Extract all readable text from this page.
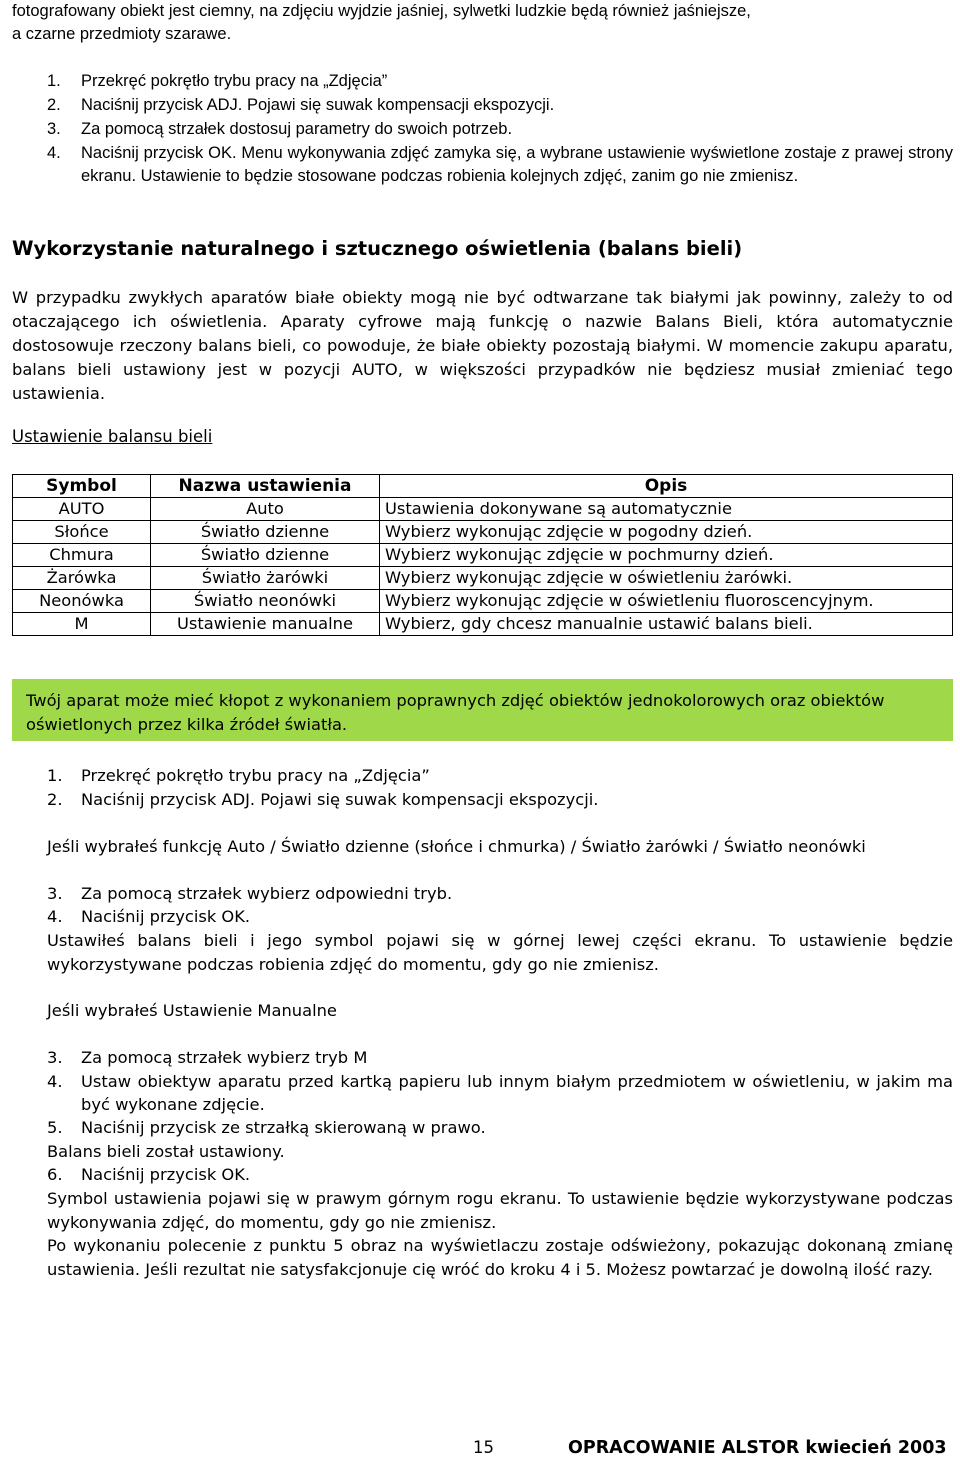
fotografowany obiekt jest ciemny, na zdjęciu wyjdzie jaśniej, sylwetki ludzkie będą również jaśniejsze,
a czarne przedmioty szarawe.
1. Przekręć pokrętło trybu pracy na „Zdjęcia”
2. Naciśnij przycisk ADJ. Pojawi się suwak kompensacji ekspozycji.
3. Za pomocą strzałek dostosuj parametry do swoich potrzeb.
4. Naciśnij przycisk OK. Menu wykonywania zdjęć zamyka się, a wybrane ustawienie wyświetlone zostaje z prawej strony ekranu. Ustawienie to będzie stosowane podczas robienia kolejnych zdjęć, zanim go nie zmienisz.
Wykorzystanie naturalnego i sztucznego oświetlenia (balans bieli)
W przypadku zwykłych aparatów białe obiekty mogą nie być odtwarzane tak białymi jak powinny, zależy to od otaczającego ich oświetlenia. Aparaty cyfrowe mają funkcję o nazwie Balans Bieli, która automatycznie dostosowuje rzeczony balans bieli, co powoduje, że białe obiekty pozostają białymi. W momencie zakupu aparatu, balans bieli ustawiony jest w pozycji AUTO, w większości przypadków nie będziesz musiał zmieniać tego ustawienia.
Ustawienie balansu bieli
Symbol	Nazwa ustawienia	Opis
AUTO	Auto	Ustawienia dokonywane są automatycznie
Słońce	Światło dzienne	Wybierz wykonując zdjęcie w pogodny dzień.
Chmura	Światło dzienne	Wybierz wykonując zdjęcie w pochmurny dzień.
Żarówka	Światło żarówki	Wybierz wykonując zdjęcie w oświetleniu żarówki.
Neonówka	Światło neonówki	Wybierz wykonując zdjęcie w oświetleniu fluoroscencyjnym.
M	Ustawienie manualne	Wybierz, gdy chcesz manualnie ustawić balans bieli.

Twój aparat może mieć kłopot z wykonaniem poprawnych zdjęć obiektów jednokolorowych oraz obiektów oświetlonych przez kilka źródeł światła.

1. Przekręć pokrętło trybu pracy na „Zdjęcia”
2. Naciśnij przycisk ADJ. Pojawi się suwak kompensacji ekspozycji.
Jeśli wybrałeś funkcję Auto / Światło dzienne (słońce i chmurka) / Światło żarówki / Światło neonówki
3. Za pomocą strzałek wybierz odpowiedni tryb.
4. Naciśnij przycisk OK.
Ustawiłeś balans bieli i jego symbol pojawi się w górnej lewej części ekranu. To ustawienie będzie wykorzystywane podczas robienia zdjęć do momentu, gdy go nie zmienisz.
Jeśli wybrałeś Ustawienie Manualne
3. Za pomocą strzałek wybierz tryb M
4. Ustaw obiektyw aparatu przed kartką papieru lub innym białym przedmiotem w oświetleniu, w jakim ma być wykonane zdjęcie.
5. Naciśnij przycisk ze strzałką skierowaną w prawo.
Balans bieli został ustawiony.
6. Naciśnij przycisk OK.
Symbol ustawienia pojawi się w prawym górnym rogu ekranu. To ustawienie będzie wykorzystywane podczas wykonywania zdjęć, do momentu, gdy go nie zmienisz.
Po wykonaniu polecenie z punktu 5 obraz na wyświetlaczu zostaje odświeżony, pokazując dokonaną zmianę ustawienia. Jeśli rezultat nie satysfakcjonuje cię wróć do kroku 4 i 5. Możesz powtarzać je dowolną ilość razy.
15	OPRACOWANIE ALSTOR kwiecień 2003
